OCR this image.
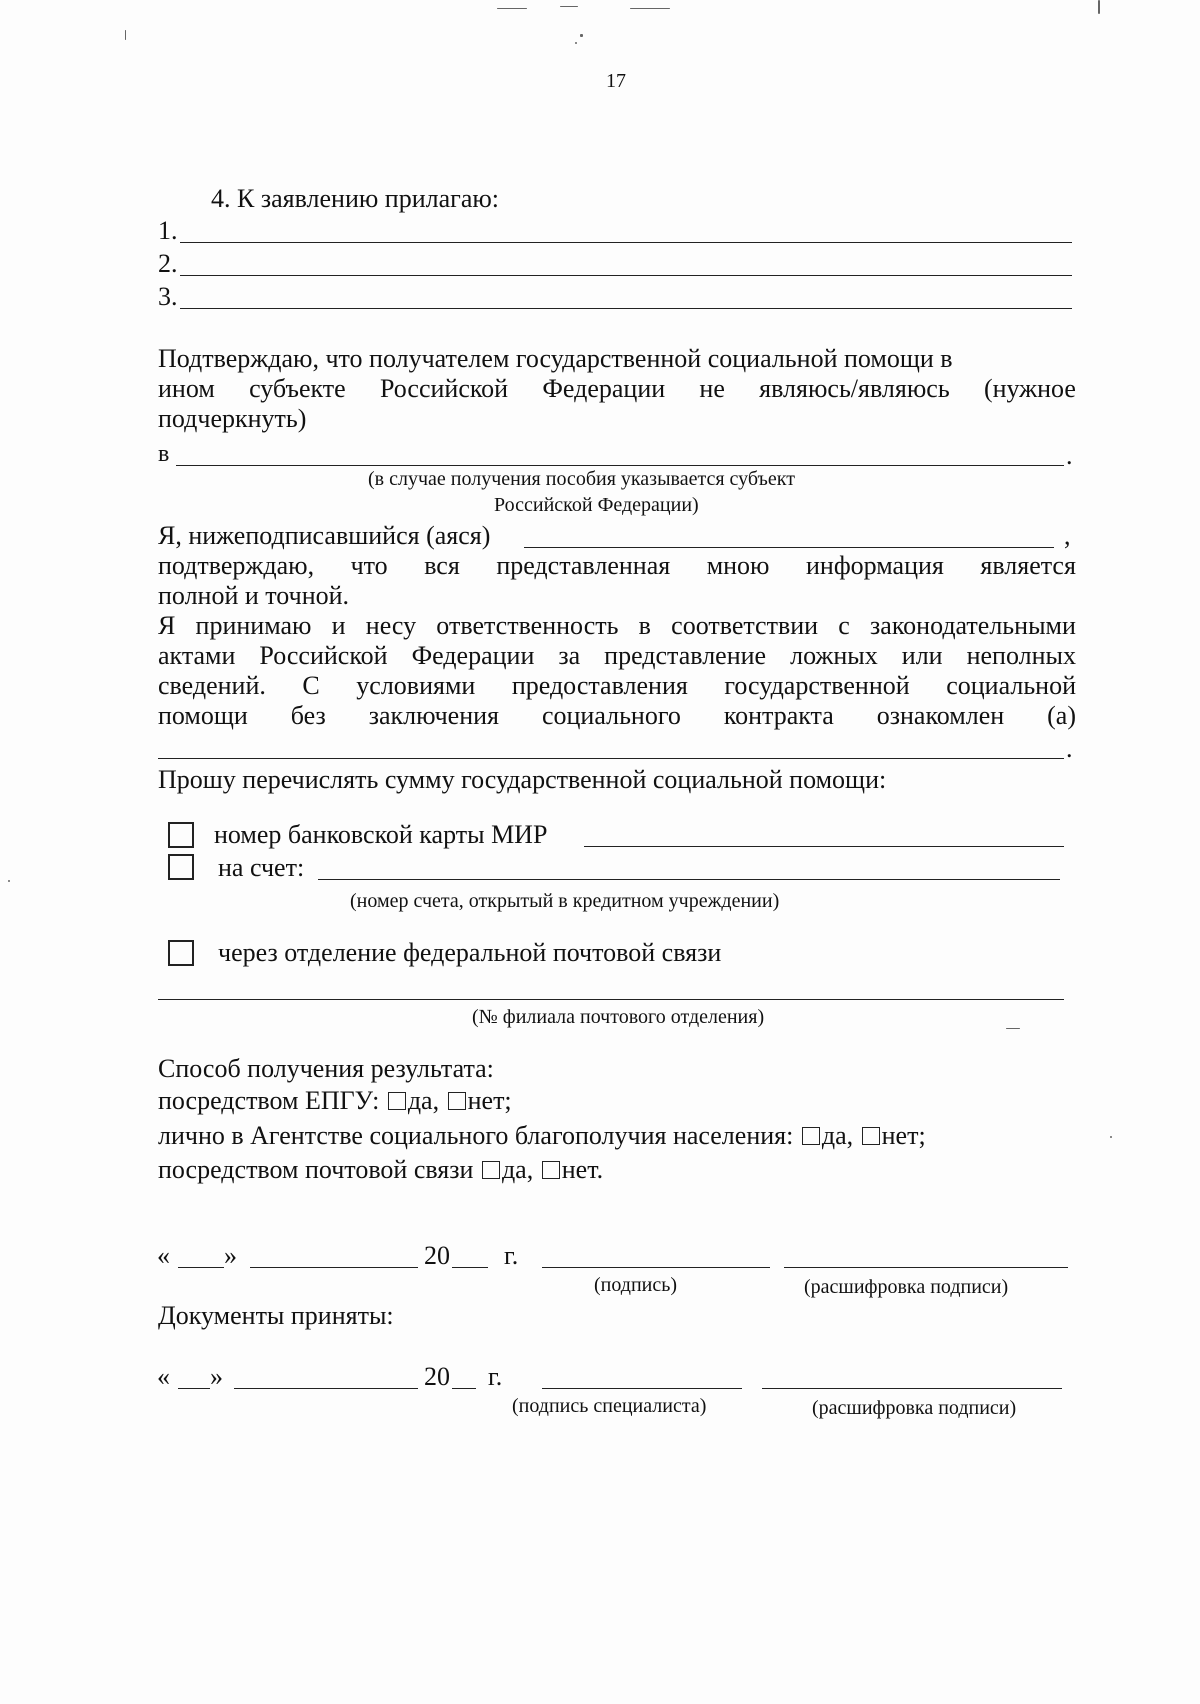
17
4. К заявлению прилагаю:
1.
2.
3.
Подтверждаю, что получателем государственной социальной помощи в
ином субъекте Российской Федерации не являюсь/являюсь (нужное
подчеркнуть)
в	.
(в случае получения пособия указывается субъект
Российской Федерации)
Я, нижеподписавшийся (аяся)	,
подтверждаю, что вся представленная мною информация является
полной и точной.
Я принимаю и несу ответственность в соответствии с законодательными
актами Российской Федерации за представление ложных или неполных
сведений. С условиями предоставления государственной социальной
помощи без заключения социального контракта ознакомлен (а)
.
Прошу перечислять сумму государственной социальной помощи:
номер банковской карты МИР
на счет:
(номер счета, открытый в кредитном учреждении)
через отделение федеральной почтовой связи
(№ филиала почтового отделения)
Способ получения результата:
посредством ЕПГУ: да, нет;
лично в Агентстве социального благополучия населения: да, нет;
посредством почтовой связи да, нет.
« »	20 г.
(подпись)	(расшифровка подписи)
Документы приняты:
« »	20 г.
(подпись специалиста)	(расшифровка подписи)
